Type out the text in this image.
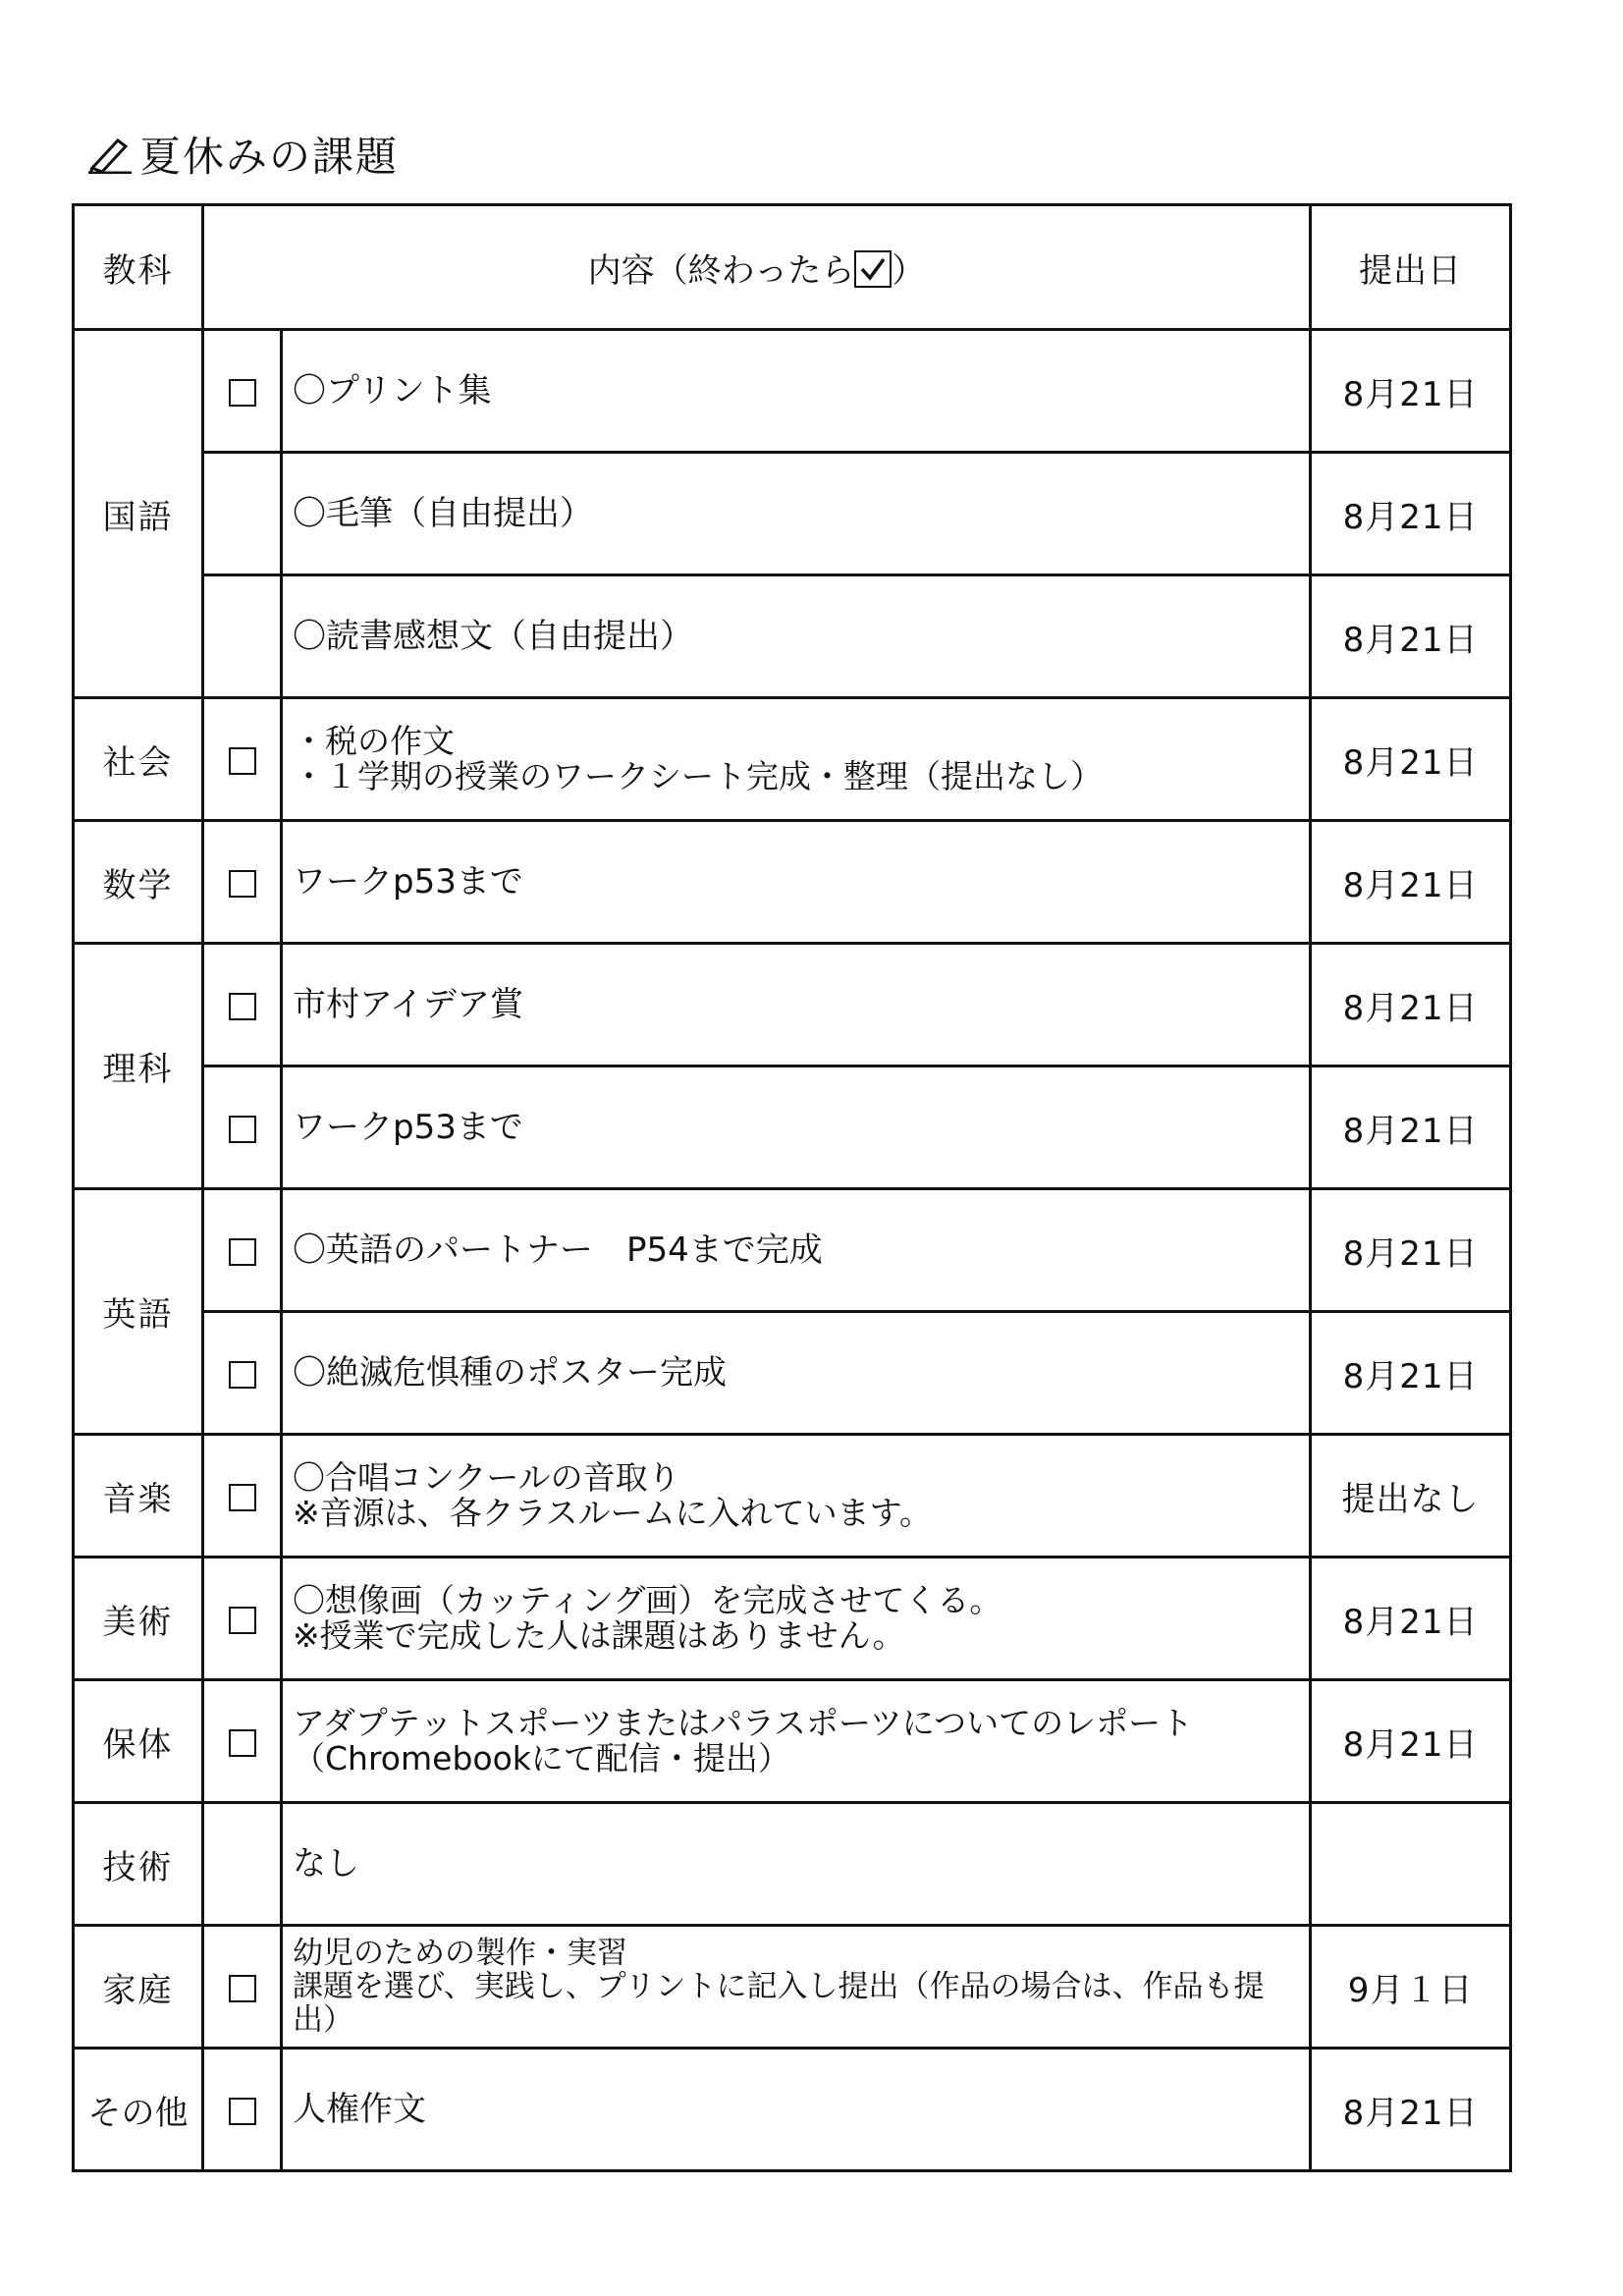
夏休みの課題
教科	内容（終わったら ）		提出日
国語		〇プリント集	8月21日

		〇毛筆（自由提出）	8月21日

		〇読書感想文（自由提出）	8月21日
社会		・税の作文
・１学期の授業のワークシート完成・整理（提出なし）	8月21日
数学		ワークp53まで	8月21日
理科		市村アイデア賞	8月21日

		ワークp53まで	8月21日
英語		〇英語のパートナー　P54まで完成	8月21日

		〇絶滅危惧種のポスター完成	8月21日
音楽		〇合唱コンクールの音取り
※音源は、各クラスルームに入れています。	提出なし
美術		〇想像画（カッティング画）を完成させてくる。
※授業で完成した人は課題はありません。	8月21日
保体		アダプテットスポーツまたはパラスポーツについてのレポート
（Chromebookにて配信・提出）	8月21日
技術		なし	

家庭		幼児のための製作・実習
課題を選び、実践し、プリントに記入し提出（作品の場合は、作品も提
出）	9月１日
その他		人権作文	8月21日
